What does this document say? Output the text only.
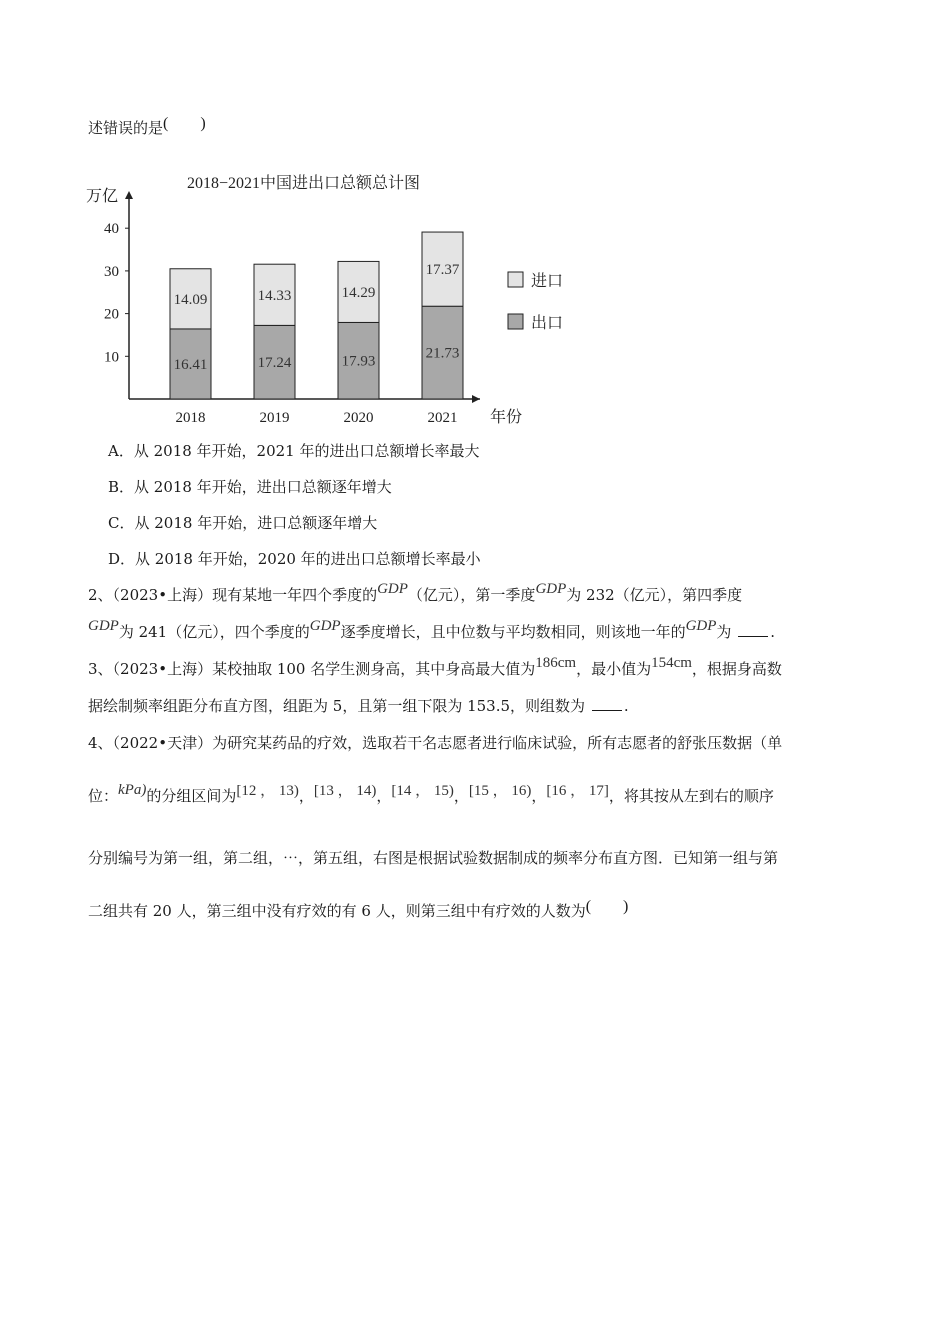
述错误的是(        )
2018−2021中国进出口总额总计图
万亿
年份
10
20
30
40
16.41
14.09
2018
17.24
14.33
2019
17.93
14.29
2020
21.73
17.37
2021
进口
出口
A．从 2018 年开始，2021 年的进出口总额增长率最大
B．从 2018 年开始，进出口总额逐年增大
C．从 2018 年开始，进口总额逐年增大
D．从 2018 年开始，2020 年的进出口总额增长率最小
2、（2023•上海）现有某地一年四个季度的GDP（亿元），第一季度GDP为 232（亿元），第四季度
GDP为 241（亿元），四个季度的GDP逐季度增长，且中位数与平均数相同，则该地一年的GDP为	.
3、（2023•上海）某校抽取 100 名学生测身高，其中身高最大值为186cm，最小值为154cm，根据身高数
据绘制频率组距分布直方图，组距为 5，且第一组下限为 153.5，则组数为	.
4、（2022•天津）为研究某药品的疗效，选取若干名志愿者进行临床试验，所有志愿者的舒张压数据（单
位：kPa)的分组区间为[12 ， 13)，[13 ， 14)，[14 ， 15)，[15 ， 16)，[16 ， 17]，将其按从左到右的顺序
分别编号为第一组，第二组，⋯，第五组，右图是根据试验数据制成的频率分布直方图．已知第一组与第
二组共有 20 人，第三组中没有疗效的有 6 人，则第三组中有疗效的人数为(        )
